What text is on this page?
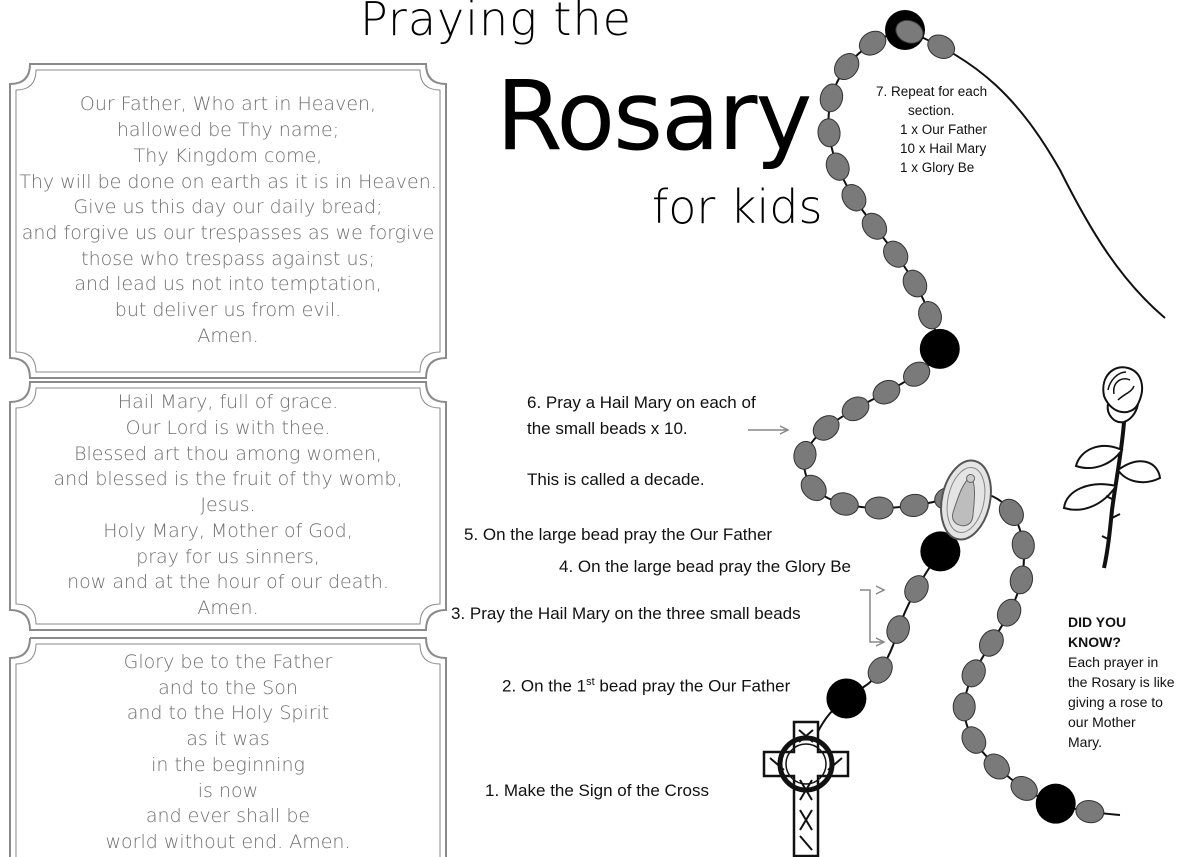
Our Father, Who art in Heaven,
hallowed be Thy name;
Thy Kingdom come,
Thy will be done on earth as it is in Heaven.
Give us this day our daily bread;
and forgive us our trespasses as we forgive
those who trespass against us;
and lead us not into temptation,
but deliver us from evil.
Amen.
Hail Mary, full of grace.
Our Lord is with thee.
Blessed art thou among women,
and blessed is the fruit of thy womb,
Jesus.
Holy Mary, Mother of God,
pray for us sinners,
now and at the hour of our death.
Amen.
Glory be to the Father
and to the Son
and to the Holy Spirit
as it was
in the beginning
is now
and ever shall be
world without end. Amen.
Praying the
Rosary
for kids
6. Pray a Hail Mary on each of
the small beads x 10.
This is called a decade.
5. On the large bead pray the Our Father
4. On the large bead pray the Glory Be
3. Pray the Hail Mary on the three small beads
2. On the 1st bead pray the Our Father
1. Make the Sign of the Cross
7. Repeat for each
section.
1 x Our Father
10 x Hail Mary
1 x Glory Be
DID YOU
KNOW?
Each prayer in
the Rosary is like
giving a rose to
our Mother
Mary.
